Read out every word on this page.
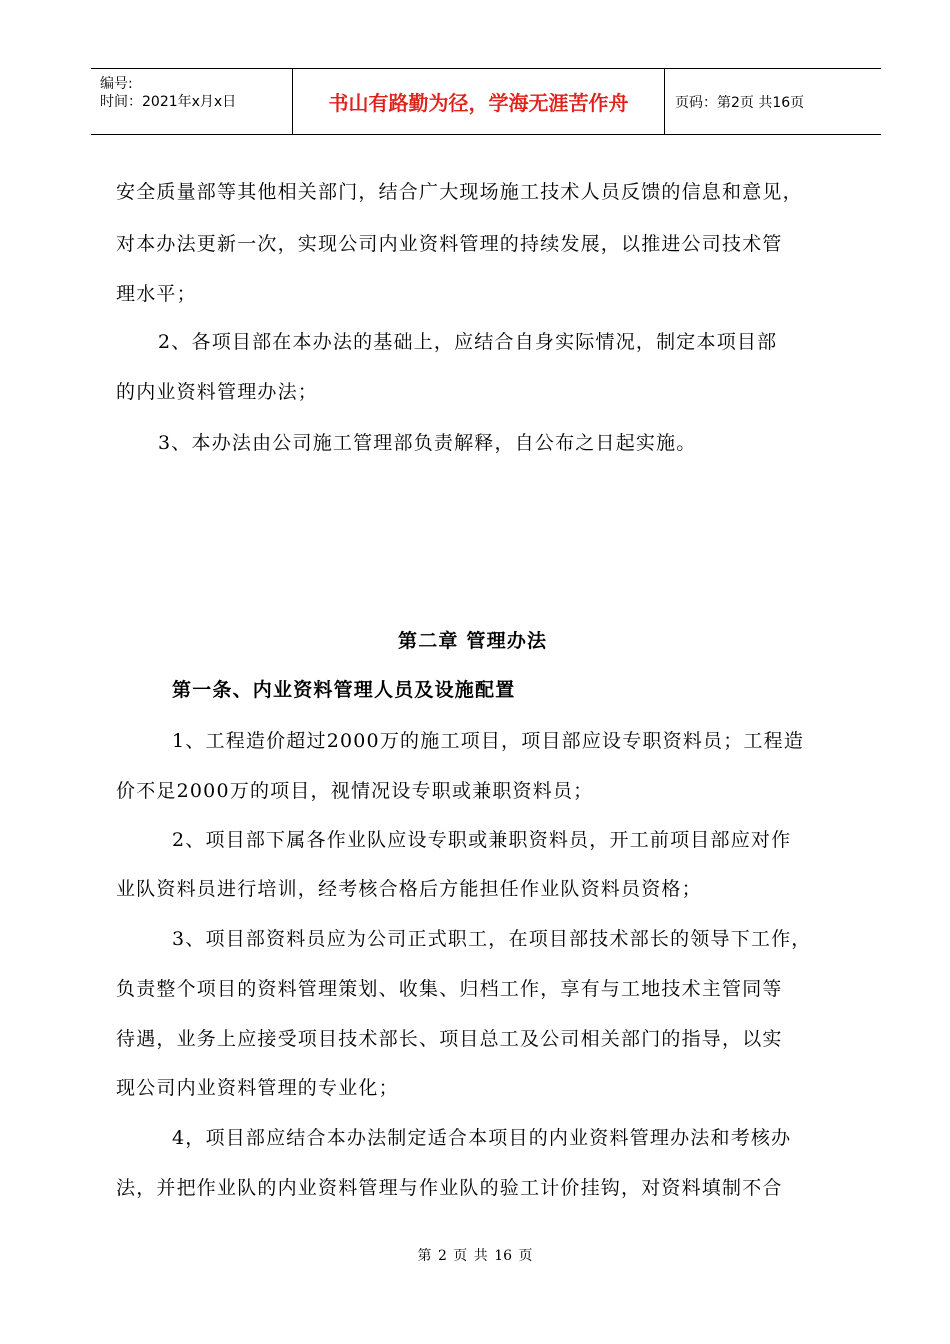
编号:
时间：2021年x月x日	书山有路勤为径，学海无涯苦作舟	页码：第2页 共16页
安全质量部等其他相关部门，结合广大现场施工技术人员反馈的信息和意见，
对本办法更新一次，实现公司内业资料管理的持续发展，以推进公司技术管
理水平；
2、各项目部在本办法的基础上，应结合自身实际情况，制定本项目部
的内业资料管理办法；
3、本办法由公司施工管理部负责解释，自公布之日起实施。
第二章 管理办法
第一条、内业资料管理人员及设施配置
1、工程造价超过2000万的施工项目，项目部应设专职资料员；工程造
价不足2000万的项目，视情况设专职或兼职资料员；
2、项目部下属各作业队应设专职或兼职资料员，开工前项目部应对作
业队资料员进行培训，经考核合格后方能担任作业队资料员资格；
3、项目部资料员应为公司正式职工，在项目部技术部长的领导下工作，
负责整个项目的资料管理策划、收集、归档工作，享有与工地技术主管同等
待遇，业务上应接受项目技术部长、项目总工及公司相关部门的指导，以实
现公司内业资料管理的专业化；
4，项目部应结合本办法制定适合本项目的内业资料管理办法和考核办
法，并把作业队的内业资料管理与作业队的验工计价挂钩，对资料填制不合
第 2 页 共 16 页
